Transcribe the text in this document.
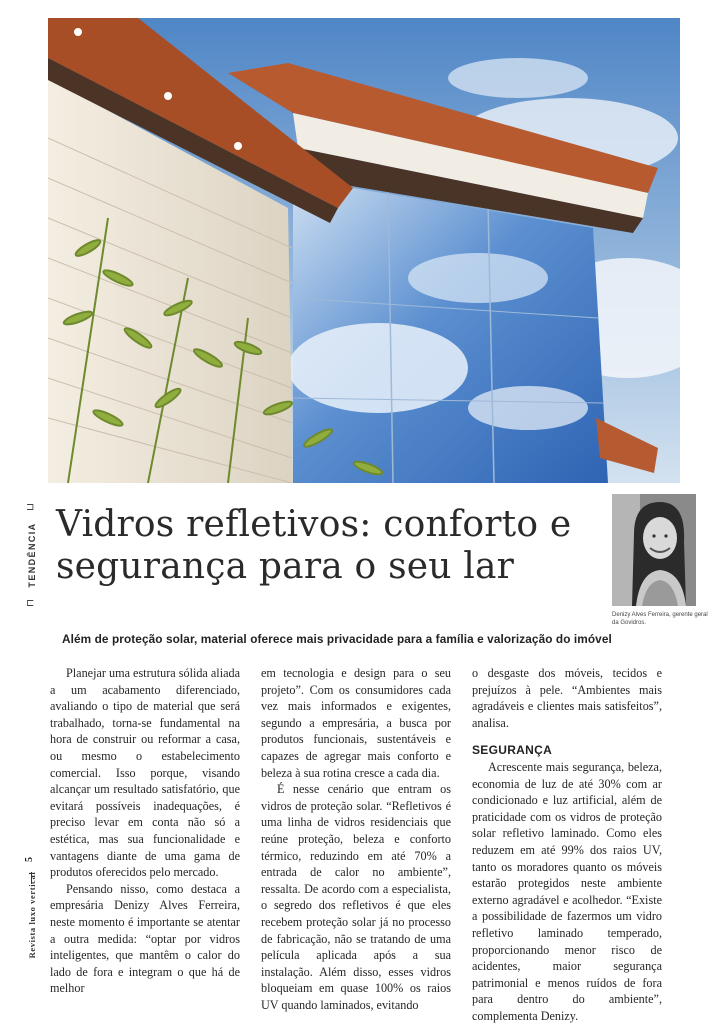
⊐
TENDÊNCIA
⊏
Vidros refletivos: conforto e segurança para o seu lar
Denizy Alves Ferreira, gerente geral da Govidros.
Além de proteção solar, material oferece mais privacidade para a família e valorização do imóvel

Planejar uma estrutura sólida aliada a um acabamento diferenciado, avaliando o tipo de material que será trabalhado, torna-se fundamental na hora de construir ou reformar a casa, ou mesmo o estabelecimento comercial. Isso porque, visando alcançar um resultado satisfatório, que evitará possíveis inadequações, é preciso levar em conta não só a estética, mas sua funcionalidade e vantagens diante de uma gama de produtos oferecidos pelo mercado.

Pensando nisso, como destaca a empresária Denizy Alves Ferreira, neste momento é importante se atentar a outra medida: “optar por vidros inteligentes, que mantêm o calor do lado de fora e integram o que há de melhor

em tecnologia e design para o seu projeto”. Com os consumidores cada vez mais informados e exigentes, segundo a empresária, a busca por produtos funcionais, sustentáveis e capazes de agregar mais conforto e beleza à sua rotina cresce a cada dia.

É nesse cenário que entram os vidros de proteção solar. “Refletivos é uma linha de vidros residenciais que reúne proteção, beleza e conforto térmico, reduzindo em até 70% a entrada de calor no ambiente”, ressalta. De acordo com a especialista, o segredo dos refletivos é que eles recebem proteção solar já no processo de fabricação, não se tratando de uma película aplicada após a sua instalação. Além disso, esses vidros bloqueiam em quase 100% os raios UV quando laminados, evitando

o desgaste dos móveis, tecidos e prejuízos à pele. “Ambientes mais agradáveis e clientes mais satisfeitos”, analisa.

SEGURANÇA

Acrescente mais segurança, beleza, economia de luz de até 30% com ar condicionado e luz artificial, além de praticidade com os vidros de proteção solar refletivo laminado. Como eles reduzem em até 99% dos raios UV, tanto os moradores quanto os móveis estarão protegidos neste ambiente externo agradável e acolhedor. “Existe a possibilidade de fazermos um vidro refletivo laminado temperado, proporcionando menor risco de acidentes, maior segurança patrimonial e menos ruídos de fora para dentro do ambiente”, complementa Denizy.

5
Revista luxo vertical
